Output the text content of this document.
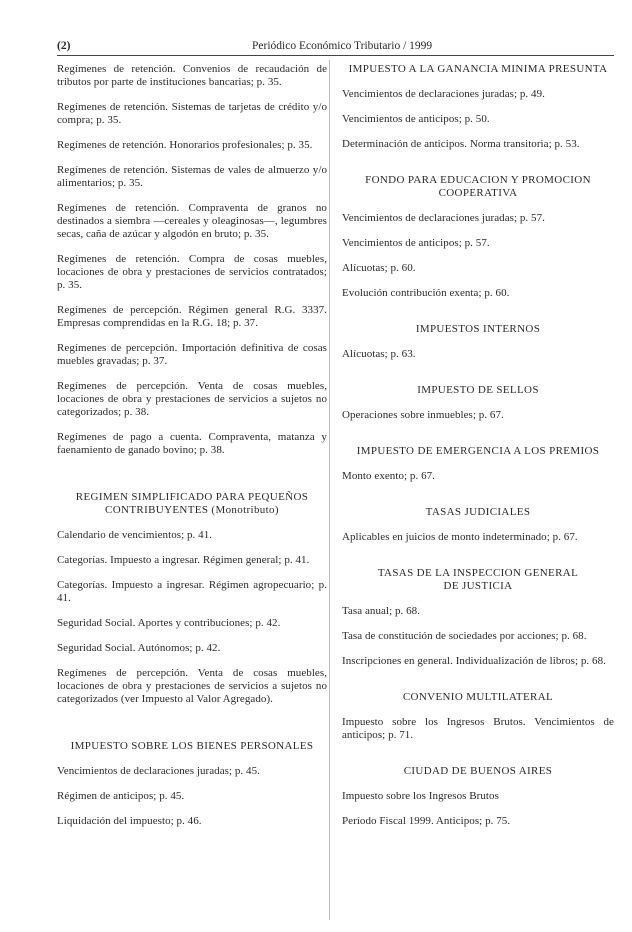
(2)	Periódico Económico Tributario / 1999

Regímenes de retención. Convenios de recaudación de tributos por parte de instituciones bancarias; p. 35.

Regímenes de retención. Sistemas de tarjetas de crédito y/o compra; p. 35.

Regímenes de retención. Honorarios profesionales; p. 35.

Regímenes de retención. Sistemas de vales de almuerzo y/o alimentarios; p. 35.

Regímenes de retención. Compraventa de granos no destinados a siembra —cereales y oleaginosas—, legumbres secas, caña de azúcar y algodón en bruto; p. 35.

Regímenes de retención. Compra de cosas muebles, locaciones de obra y prestaciones de servicios contratados; p. 35.

Regímenes de percepción. Régimen general R.G. 3337. Empresas comprendidas en la R.G. 18; p. 37.

Regímenes de percepción. Importación definitiva de cosas muebles gravadas; p. 37.

Regímenes de percepción. Venta de cosas muebles, locaciones de obra y prestaciones de servicios a sujetos no categorizados; p. 38.

Regímenes de pago a cuenta. Compraventa, matanza y faenamiento de ganado bovino; p. 38.

REGIMEN SIMPLIFICADO PARA PEQUEÑOS
CONTRIBUYENTES (Monotributo)

Calendario de vencimientos; p. 41.

Categorías. Impuesto a ingresar. Régimen general; p. 41.

Categorías. Impuesto a ingresar. Régimen agropecuario; p. 41.

Seguridad Social. Aportes y contribuciones; p. 42.

Seguridad Social. Autónomos; p. 42.

Regímenes de percepción. Venta de cosas muebles, locaciones de obra y prestaciones de servicios a sujetos no categorizados (ver Impuesto al Valor Agregado).

IMPUESTO SOBRE LOS BIENES PERSONALES

Vencimientos de declaraciones juradas; p. 45.

Régimen de anticipos; p. 45.

Liquidación del impuesto; p. 46.

IMPUESTO A LA GANANCIA MINIMA PRESUNTA

Vencimientos de declaraciones juradas; p. 49.

Vencimientos de anticipos; p. 50.

Determinación de anticipos. Norma transitoria; p. 53.

FONDO PARA EDUCACION Y PROMOCION
COOPERATIVA

Vencimientos de declaraciones juradas; p. 57.

Vencimientos de anticipos; p. 57.

Alícuotas; p. 60.

Evolución contribución exenta; p. 60.

IMPUESTOS INTERNOS

Alícuotas; p. 63.

IMPUESTO DE SELLOS

Operaciones sobre inmuebles; p. 67.

IMPUESTO DE EMERGENCIA A LOS PREMIOS

Monto exento; p. 67.

TASAS JUDICIALES

Aplicables en juicios de monto indeterminado; p. 67.

TASAS DE LA INSPECCION GENERAL
DE JUSTICIA

Tasa anual; p. 68.

Tasa de constitución de sociedades por acciones; p. 68.

Inscripciones en general. Individualización de libros; p. 68.

CONVENIO MULTILATERAL

Impuesto sobre los Ingresos Brutos. Vencimientos de anticipos; p. 71.

CIUDAD DE BUENOS AIRES

Impuesto sobre los Ingresos Brutos

Período Fiscal 1999. Anticipos; p. 75.
